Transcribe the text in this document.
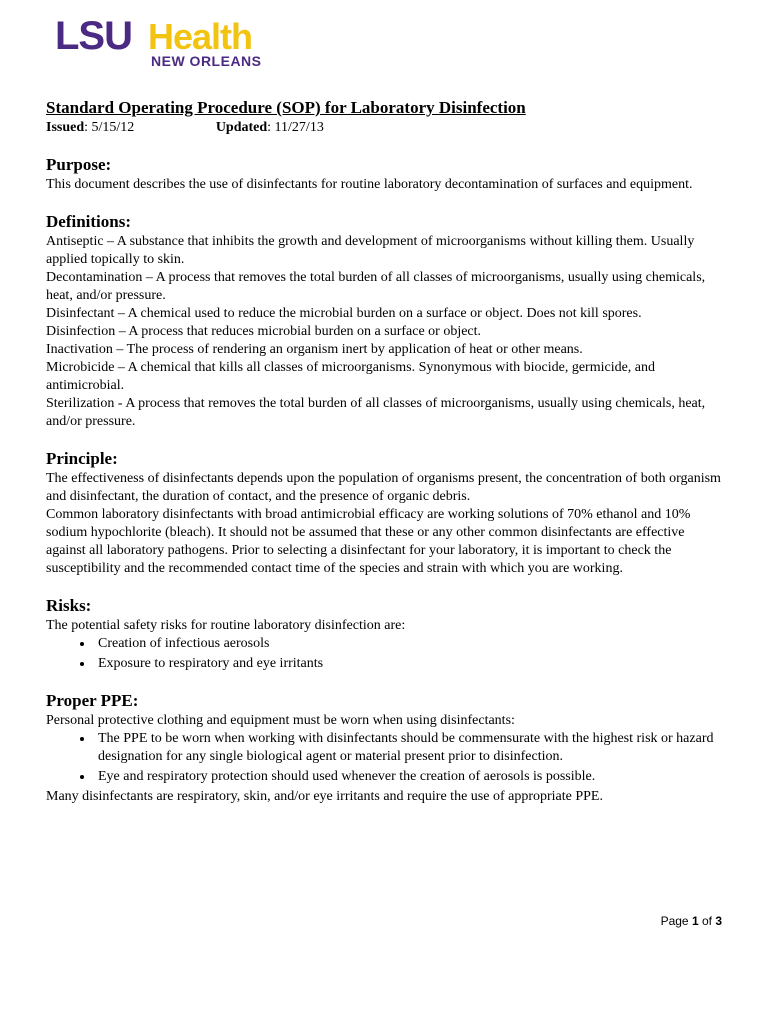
LSU Health
NEW ORLEANS
Standard Operating Procedure (SOP) for Laboratory Disinfection

Issued: 5/15/12	Updated: 11/27/13

Purpose:

This document describes the use of disinfectants for routine laboratory decontamination of surfaces and equipment.

Definitions:

Antiseptic – A substance that inhibits the growth and development of microorganisms without killing them. Usually applied topically to skin.

Decontamination – A process that removes the total burden of all classes of microorganisms, usually using chemicals, heat, and/or pressure.

Disinfectant – A chemical used to reduce the microbial burden on a surface or object. Does not kill spores.

Disinfection – A process that reduces microbial burden on a surface or object.

Inactivation – The process of rendering an organism inert by application of heat or other means.

Microbicide – A chemical that kills all classes of microorganisms. Synonymous with biocide, germicide, and antimicrobial.

Sterilization - A process that removes the total burden of all classes of microorganisms, usually using chemicals, heat, and/or pressure.

Principle:

The effectiveness of disinfectants depends upon the population of organisms present, the concentration of both organism and disinfectant, the duration of contact, and the presence of organic debris.

Common laboratory disinfectants with broad antimicrobial efficacy are working solutions of 70% ethanol and 10% sodium hypochlorite (bleach). It should not be assumed that these or any other common disinfectants are effective against all laboratory pathogens. Prior to selecting a disinfectant for your laboratory, it is important to check the susceptibility and the recommended contact time of the species and strain with which you are working.

Risks:

The potential safety risks for routine laboratory disinfection are:

• Creation of infectious aerosols
• Exposure to respiratory and eye irritants
Proper PPE:

Personal protective clothing and equipment must be worn when using disinfectants:

• The PPE to be worn when working with disinfectants should be commensurate with the highest risk or hazard designation for any single biological agent or material present prior to disinfection.
• Eye and respiratory protection should used whenever the creation of aerosols is possible.

Many disinfectants are respiratory, skin, and/or eye irritants and require the use of appropriate PPE.

Page 1 of 3
